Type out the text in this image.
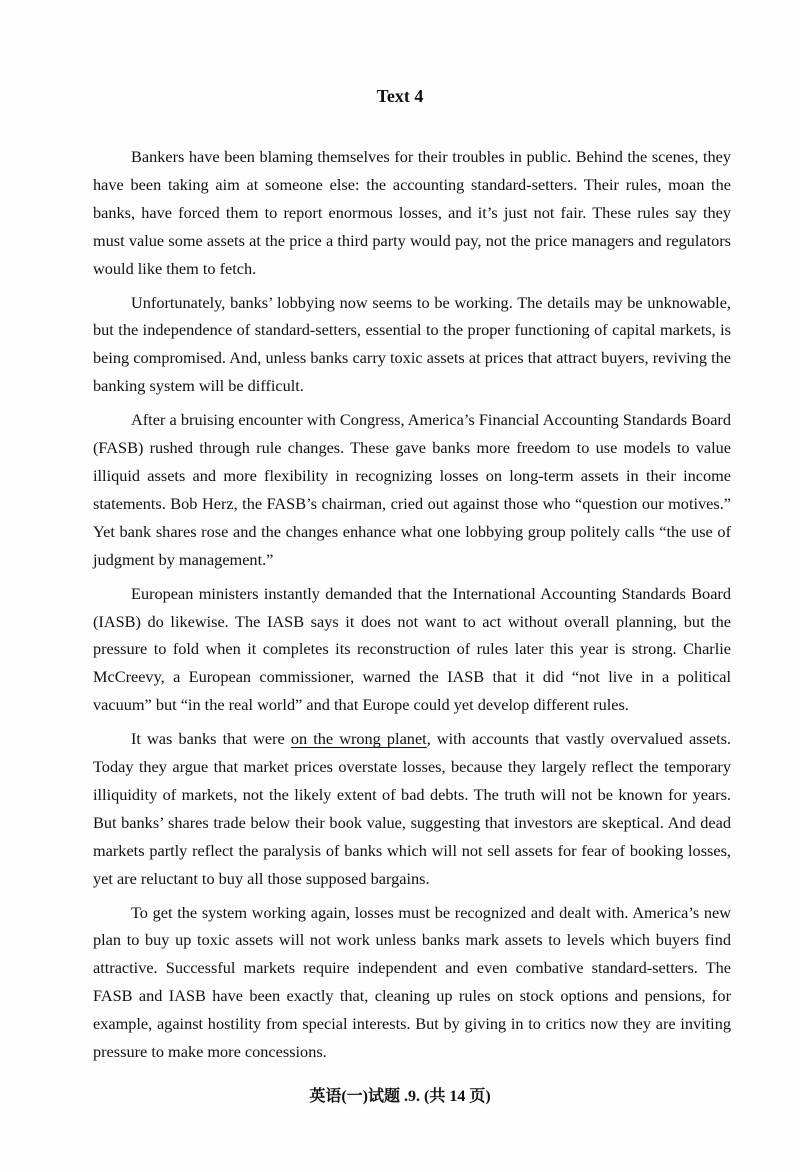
Text 4

Bankers have been blaming themselves for their troubles in public. Behind the scenes, they have been taking aim at someone else: the accounting standard-setters. Their rules, moan the banks, have forced them to report enormous losses, and it’s just not fair. These rules say they must value some assets at the price a third party would pay, not the price managers and regulators would like them to fetch.

Unfortunately, banks’ lobbying now seems to be working. The details may be unknowable, but the independence of standard-setters, essential to the proper functioning of capital markets, is being compromised. And, unless banks carry toxic assets at prices that attract buyers, reviving the banking system will be difficult.

After a bruising encounter with Congress, America’s Financial Accounting Standards Board (FASB) rushed through rule changes. These gave banks more freedom to use models to value illiquid assets and more flexibility in recognizing losses on long-term assets in their income statements. Bob Herz, the FASB’s chairman, cried out against those who “question our motives.” Yet bank shares rose and the changes enhance what one lobbying group politely calls “the use of judgment by management.”

European ministers instantly demanded that the International Accounting Standards Board (IASB) do likewise. The IASB says it does not want to act without overall planning, but the pressure to fold when it completes its reconstruction of rules later this year is strong. Charlie McCreevy, a European commissioner, warned the IASB that it did “not live in a political vacuum” but “in the real world” and that Europe could yet develop different rules.

It was banks that were on the wrong planet, with accounts that vastly overvalued assets. Today they argue that market prices overstate losses, because they largely reflect the temporary illiquidity of markets, not the likely extent of bad debts. The truth will not be known for years. But banks’ shares trade below their book value, suggesting that investors are skeptical. And dead markets partly reflect the paralysis of banks which will not sell assets for fear of booking losses, yet are reluctant to buy all those supposed bargains.

To get the system working again, losses must be recognized and dealt with. America’s new plan to buy up toxic assets will not work unless banks mark assets to levels which buyers find attractive. Successful markets require independent and even combative standard-setters. The FASB and IASB have been exactly that, cleaning up rules on stock options and pensions, for example, against hostility from special interests. But by giving in to critics now they are inviting pressure to make more concessions.

英语(一)试题 .9. (共 14 页)
